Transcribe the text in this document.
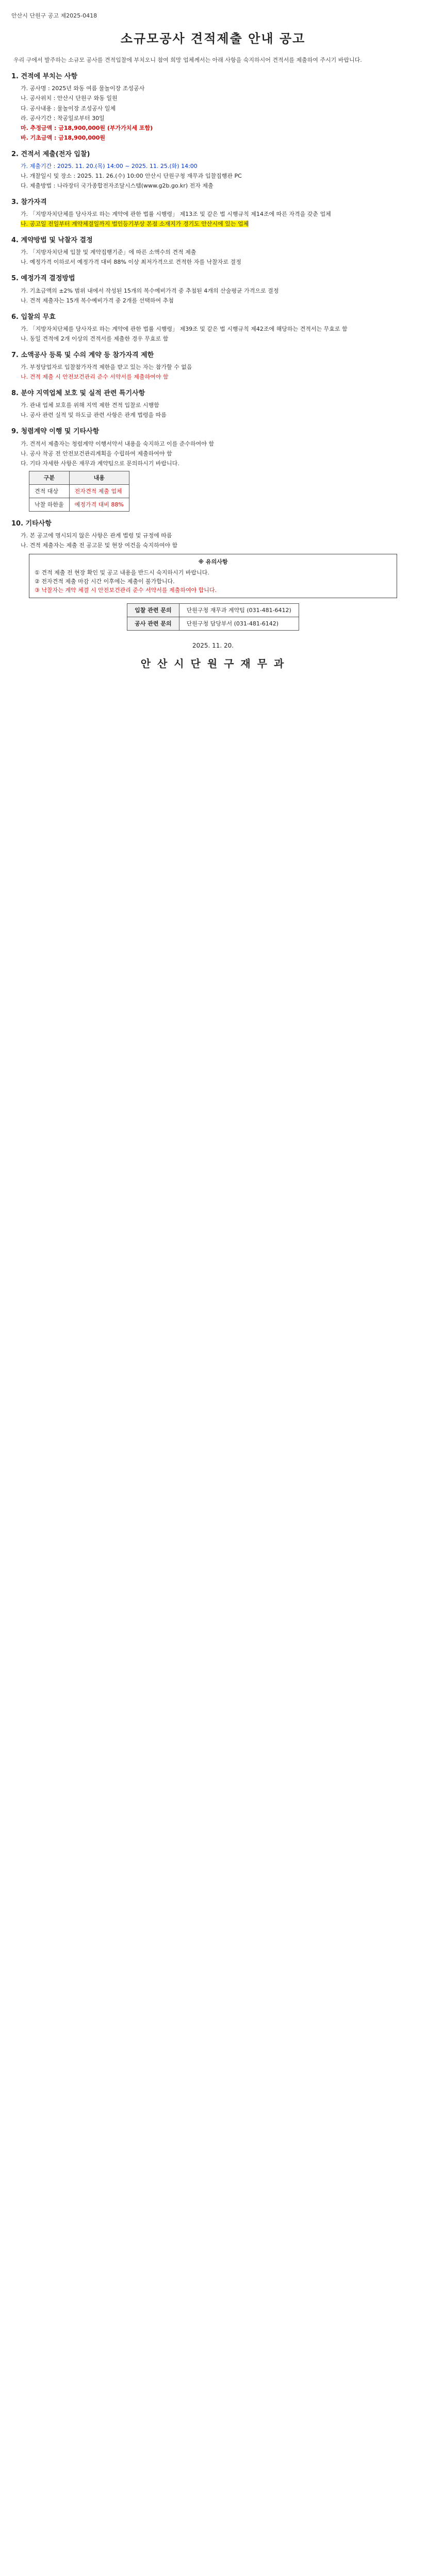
안산시 단원구 공고 제2025-0418
소규모공사 견적제출 안내 공고
우리 구에서 발주하는 소규모 공사를 견적입찰에 부치오니 참여 희망 업체께서는 아래 사항을 숙지하시어 견적서를 제출하여 주시기 바랍니다.
1. 견적에 부치는 사항
가. 공사명 : 2025년 와동 여름 물놀이장 조성공사
나. 공사위치 : 안산시 단원구 와동 일원
다. 공사내용 : 물놀이장 조성공사 일체
라. 공사기간 : 착공일로부터 30일
마. 추정금액 : 금18,900,000원 (부가가치세 포함)
바. 기초금액 : 금18,900,000원
2. 견적서 제출(전자 입찰)
가. 제출기간 : 2025. 11. 20.(목) 14:00 ~ 2025. 11. 25.(화) 14:00
나. 개찰일시 및 장소 : 2025. 11. 26.(수) 10:00 안산시 단원구청 재무과 입찰집행관 PC
다. 제출방법 : 나라장터 국가종합전자조달시스템(www.g2b.go.kr) 전자 제출
3. 참가자격
가. 「지방자치단체를 당사자로 하는 계약에 관한 법률 시행령」 제13조 및 같은 법 시행규칙 제14조에 따른 자격을 갖춘 업체
나. 공고일 전일부터 계약체결일까지 법인등기부상 본점 소재지가 경기도 안산시에 있는 업체
4. 계약방법 및 낙찰자 결정
가. 「지방자치단체 입찰 및 계약집행기준」에 따른 소액수의 견적 제출
나. 예정가격 이하로서 예정가격 대비 88% 이상 최저가격으로 견적한 자를 낙찰자로 결정
5. 예정가격 결정방법
가. 기초금액의 ±2% 범위 내에서 작성된 15개의 복수예비가격 중 추첨된 4개의 산술평균 가격으로 결정
나. 견적 제출자는 15개 복수예비가격 중 2개를 선택하여 추첨
6. 입찰의 무효
가. 「지방자치단체를 당사자로 하는 계약에 관한 법률 시행령」 제39조 및 같은 법 시행규칙 제42조에 해당하는 견적서는 무효로 함
나. 동일 견적에 2개 이상의 견적서를 제출한 경우 무효로 함
7. 소액공사 등록 및 수의 계약 등 참가자격 제한
가. 부정당업자로 입찰참가자격 제한을 받고 있는 자는 참가할 수 없음
나. 견적 제출 시 안전보건관리 준수 서약서를 제출하여야 함
8. 분야 지역업체 보호 및 실적 관련 특기사항
가. 관내 업체 보호를 위해 지역 제한 견적 입찰로 시행함
나. 공사 관련 실적 및 하도급 관련 사항은 관계 법령을 따름
9. 청렴계약 이행 및 기타사항
가. 견적서 제출자는 청렴계약 이행서약서 내용을 숙지하고 이를 준수하여야 함
나. 공사 착공 전 안전보건관리계획을 수립하여 제출하여야 함
다. 기타 자세한 사항은 재무과 계약팀으로 문의하시기 바랍니다.
구분	내용
견적 대상	전자견적 제출 업체
낙찰 하한율	예정가격 대비 88%
10. 기타사항
가. 본 공고에 명시되지 않은 사항은 관계 법령 및 규정에 따름
나. 견적 제출자는 제출 전 공고문 및 현장 여건을 숙지하여야 함
※ 유의사항
① 견적 제출 전 현장 확인 및 공고 내용을 반드시 숙지하시기 바랍니다.
② 전자견적 제출 마감 시간 이후에는 제출이 불가합니다.
③ 낙찰자는 계약 체결 시 안전보건관리 준수 서약서를 제출하여야 합니다.
입찰 관련 문의	단원구청 재무과 계약팀 (031-481-6412)
공사 관련 문의	단원구청 담당부서 (031-481-6142)
2025. 11. 20.
안 산 시 단 원 구 재 무 과
